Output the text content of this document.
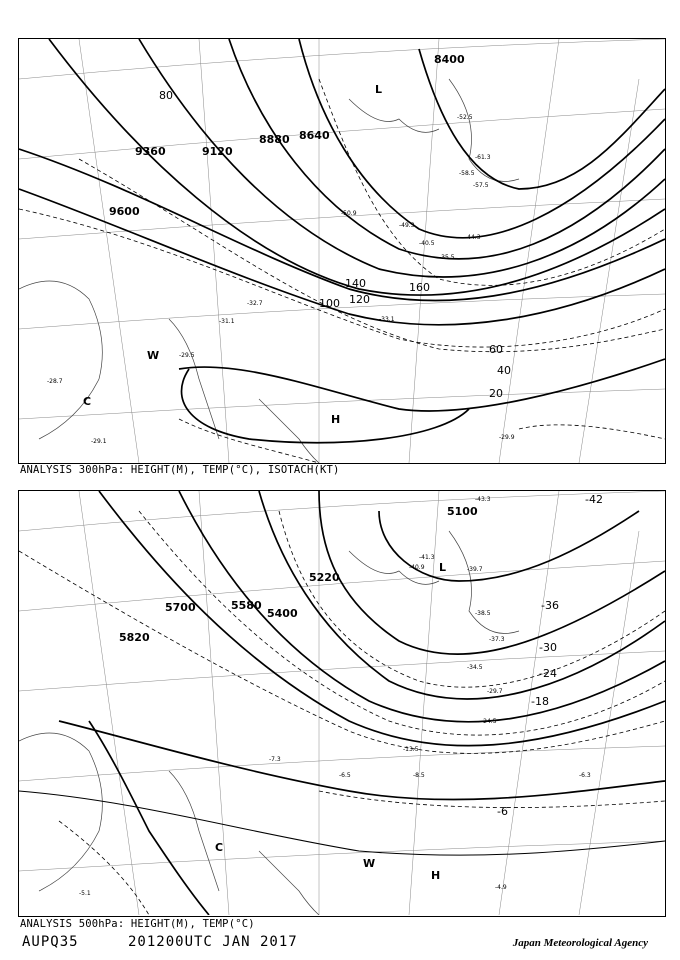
8400
8640
8880
9120
9360
9600
20
40
60
80
100 120
140	160
H
L
C
W	-29.5
-31.1
-32.7
-33.1
-35.5
-40.5
-44.3
-49.3
-50.9
-52.5
-57.5
-58.5
-61.3
-29.9
-28.7
-29.1
ANALYSIS 300hPa: HEIGHT(M), TEMP(°C), ISOTACH(KT)
5100
5220
5400
5580
5700
5820
-42
-36
-30
-24
-18
-6
H
L
C
W
-43.3
-41.3
-40.9	-39.7
-38.5
-37.3
-34.5
-29.7
-24.5
-13.5
-8.5
-6.5
-4.9
-5.1
-7.3
-6.3
ANALYSIS 500hPa: HEIGHT(M), TEMP(°C)
AUPQ35	201200UTC JAN 2017	Japan Meteorological Agency
